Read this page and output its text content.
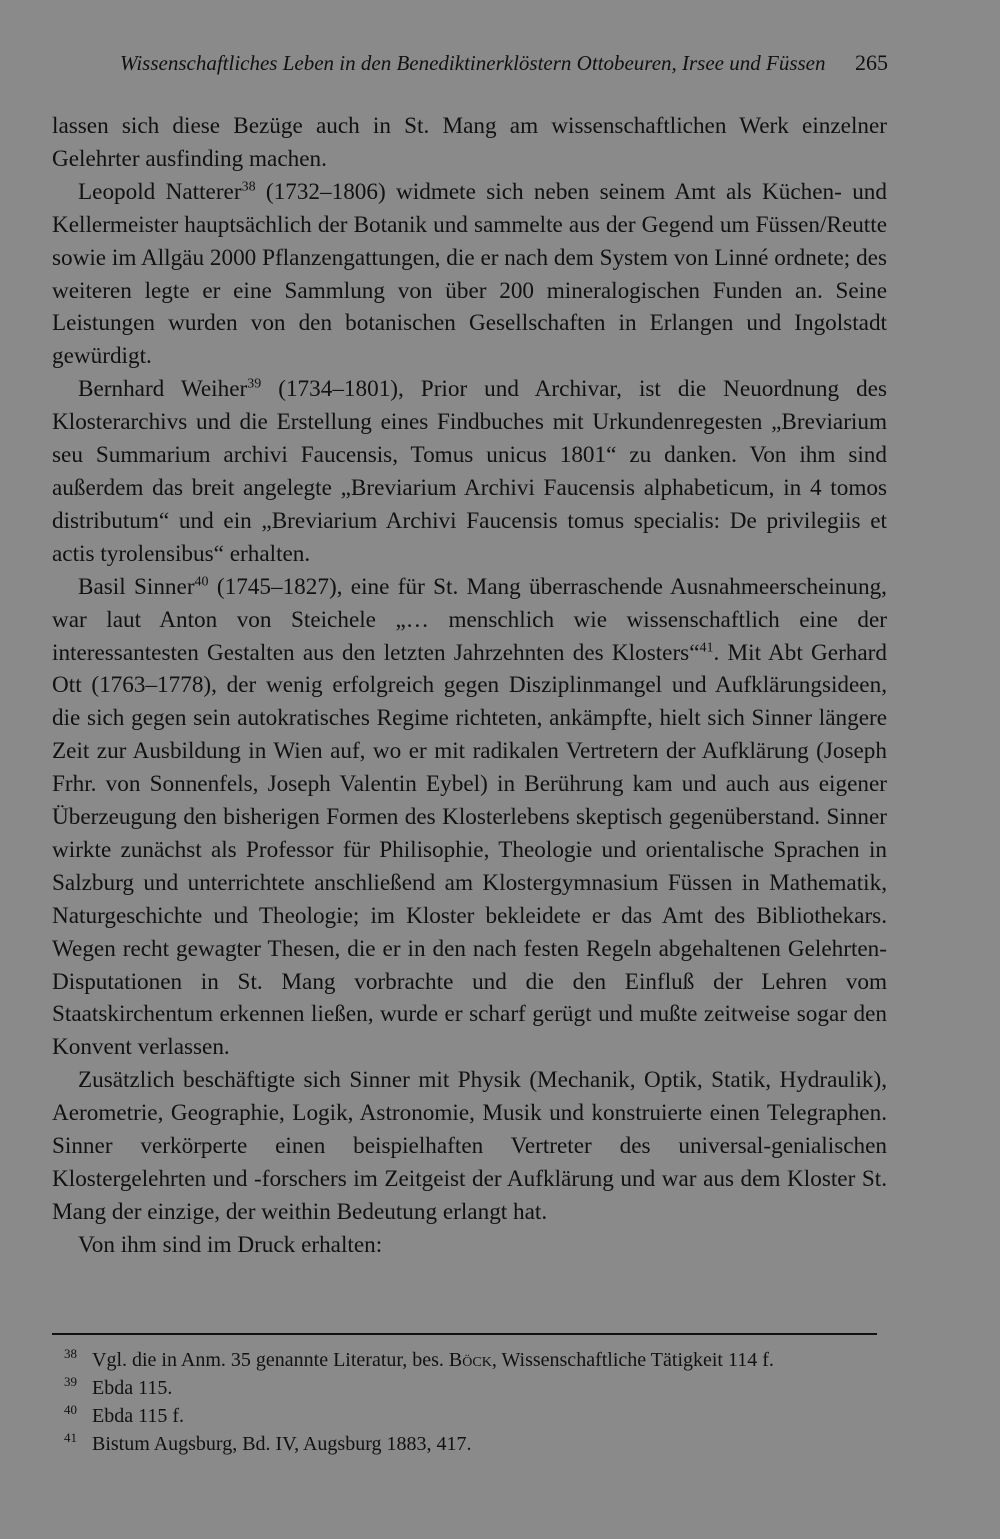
Wissenschaftliches Leben in den Benediktinerklöstern Ottobeuren, Irsee und Füssen 265

lassen sich diese Bezüge auch in St. Mang am wissenschaftlichen Werk einzelner Gelehrter ausfinding machen.

Leopold Natterer$^{38}$ (1732–1806) widmete sich neben seinem Amt als Küchen- und Kellermeister hauptsächlich der Botanik und sammelte aus der Gegend um Füssen/Reutte sowie im Allgäu 2000 Pflanzengattungen, die er nach dem System von Linné ordnete; des weiteren legte er eine Sammlung von über 200 mineralogischen Funden an. Seine Leistungen wurden von den botanischen Gesellschaften in Erlangen und Ingolstadt gewürdigt.

Bernhard Weiher$^{39}$ (1734–1801), Prior und Archivar, ist die Neuordnung des Klosterarchivs und die Erstellung eines Findbuches mit Urkundenregesten „Breviarium seu Summarium archivi Faucensis, Tomus unicus 1801“ zu danken. Von ihm sind außerdem das breit angelegte „Breviarium Archivi Faucensis alphabeticum, in 4 tomos distributum“ und ein „Breviarium Archivi Faucensis tomus specialis: De privilegiis et actis tyrolensibus“ erhalten.

Basil Sinner$^{40}$ (1745–1827), eine für St. Mang überraschende Ausnahmeerscheinung, war laut Anton von Steichele „… menschlich wie wissenschaftlich eine der interessantesten Gestalten aus den letzten Jahrzehnten des Klosters“$^{41}$. Mit Abt Gerhard Ott (1763–1778), der wenig erfolgreich gegen Disziplinmangel und Aufklärungsideen, die sich gegen sein autokratisches Regime richteten, ankämpfte, hielt sich Sinner längere Zeit zur Ausbildung in Wien auf, wo er mit radikalen Vertretern der Aufklärung (Joseph Frhr. von Sonnenfels, Joseph Valentin Eybel) in Berührung kam und auch aus eigener Überzeugung den bisherigen Formen des Klosterlebens skeptisch gegenüberstand. Sinner wirkte zunächst als Professor für Philisophie, Theologie und orientalische Sprachen in Salzburg und unterrichtete anschließend am Klostergymnasium Füssen in Mathematik, Naturgeschichte und Theologie; im Kloster bekleidete er das Amt des Bibliothekars. Wegen recht gewagter Thesen, die er in den nach festen Regeln abgehaltenen Gelehrten-Disputationen in St. Mang vorbrachte und die den Einfluß der Lehren vom Staatskirchentum erkennen ließen, wurde er scharf gerügt und mußte zeitweise sogar den Konvent verlassen.

Zusätzlich beschäftigte sich Sinner mit Physik (Mechanik, Optik, Statik, Hydraulik), Aerometrie, Geographie, Logik, Astronomie, Musik und konstruierte einen Telegraphen. Sinner verkörperte einen beispielhaften Vertreter des universal-genialischen Klostergelehrten und -forschers im Zeitgeist der Aufklärung und war aus dem Kloster St. Mang der einzige, der weithin Bedeutung erlangt hat.

Von ihm sind im Druck erhalten:

38 Vgl. die in Anm. 35 genannte Literatur, bes. Böck, Wissenschaftliche Tätigkeit 114 f.
39 Ebda 115.
40 Ebda 115 f.
41 Bistum Augsburg, Bd. IV, Augsburg 1883, 417.
